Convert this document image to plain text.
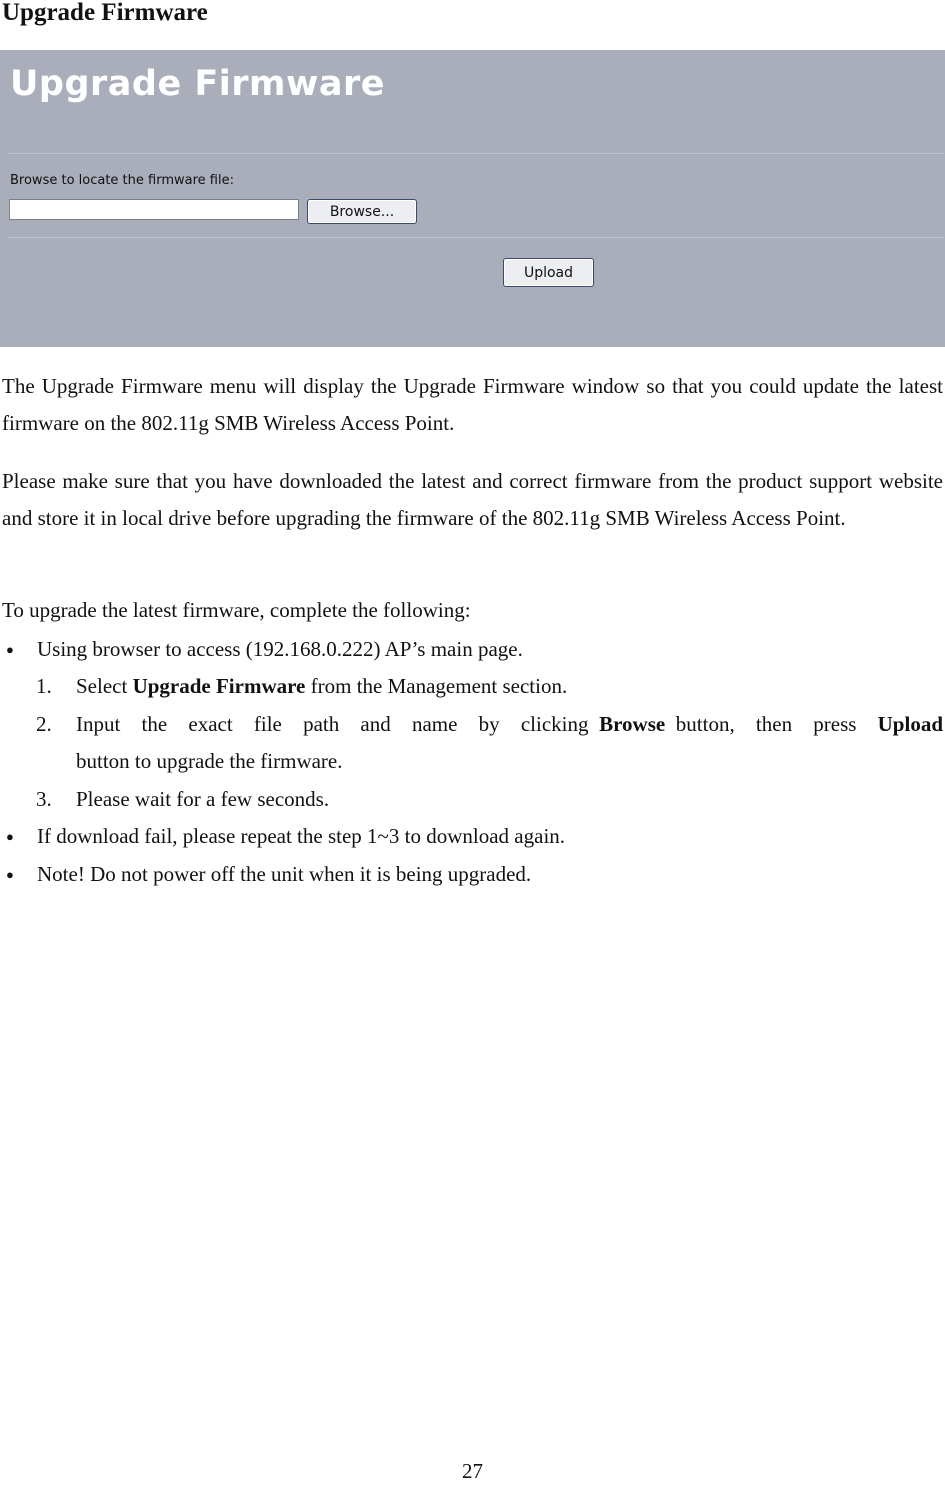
Upgrade Firmware
Upgrade Firmware
Browse to locate the firmware file:
Browse...
Upload

The Upgrade Firmware menu will display the Upgrade Firmware window so that you could update the latest firmware on the 802.11g SMB Wireless Access Point.

Please make sure that you have downloaded the latest and correct firmware from the product support website and store it in local drive before upgrading the firmware of the 802.11g SMB Wireless Access Point.

To upgrade the latest firmware, complete the following:

● Using browser to access (192.168.0.222) AP’s main page.

1. Select Upgrade Firmware from the Management section.

2. Input  the  exact  file  path  and  name  by  clicking Browse button,  then  press  Upload

button to upgrade the firmware.

3. Please wait for a few seconds.

● If download fail, please repeat the step 1~3 to download again.

● Note! Do not power off the unit when it is being upgraded.

27
